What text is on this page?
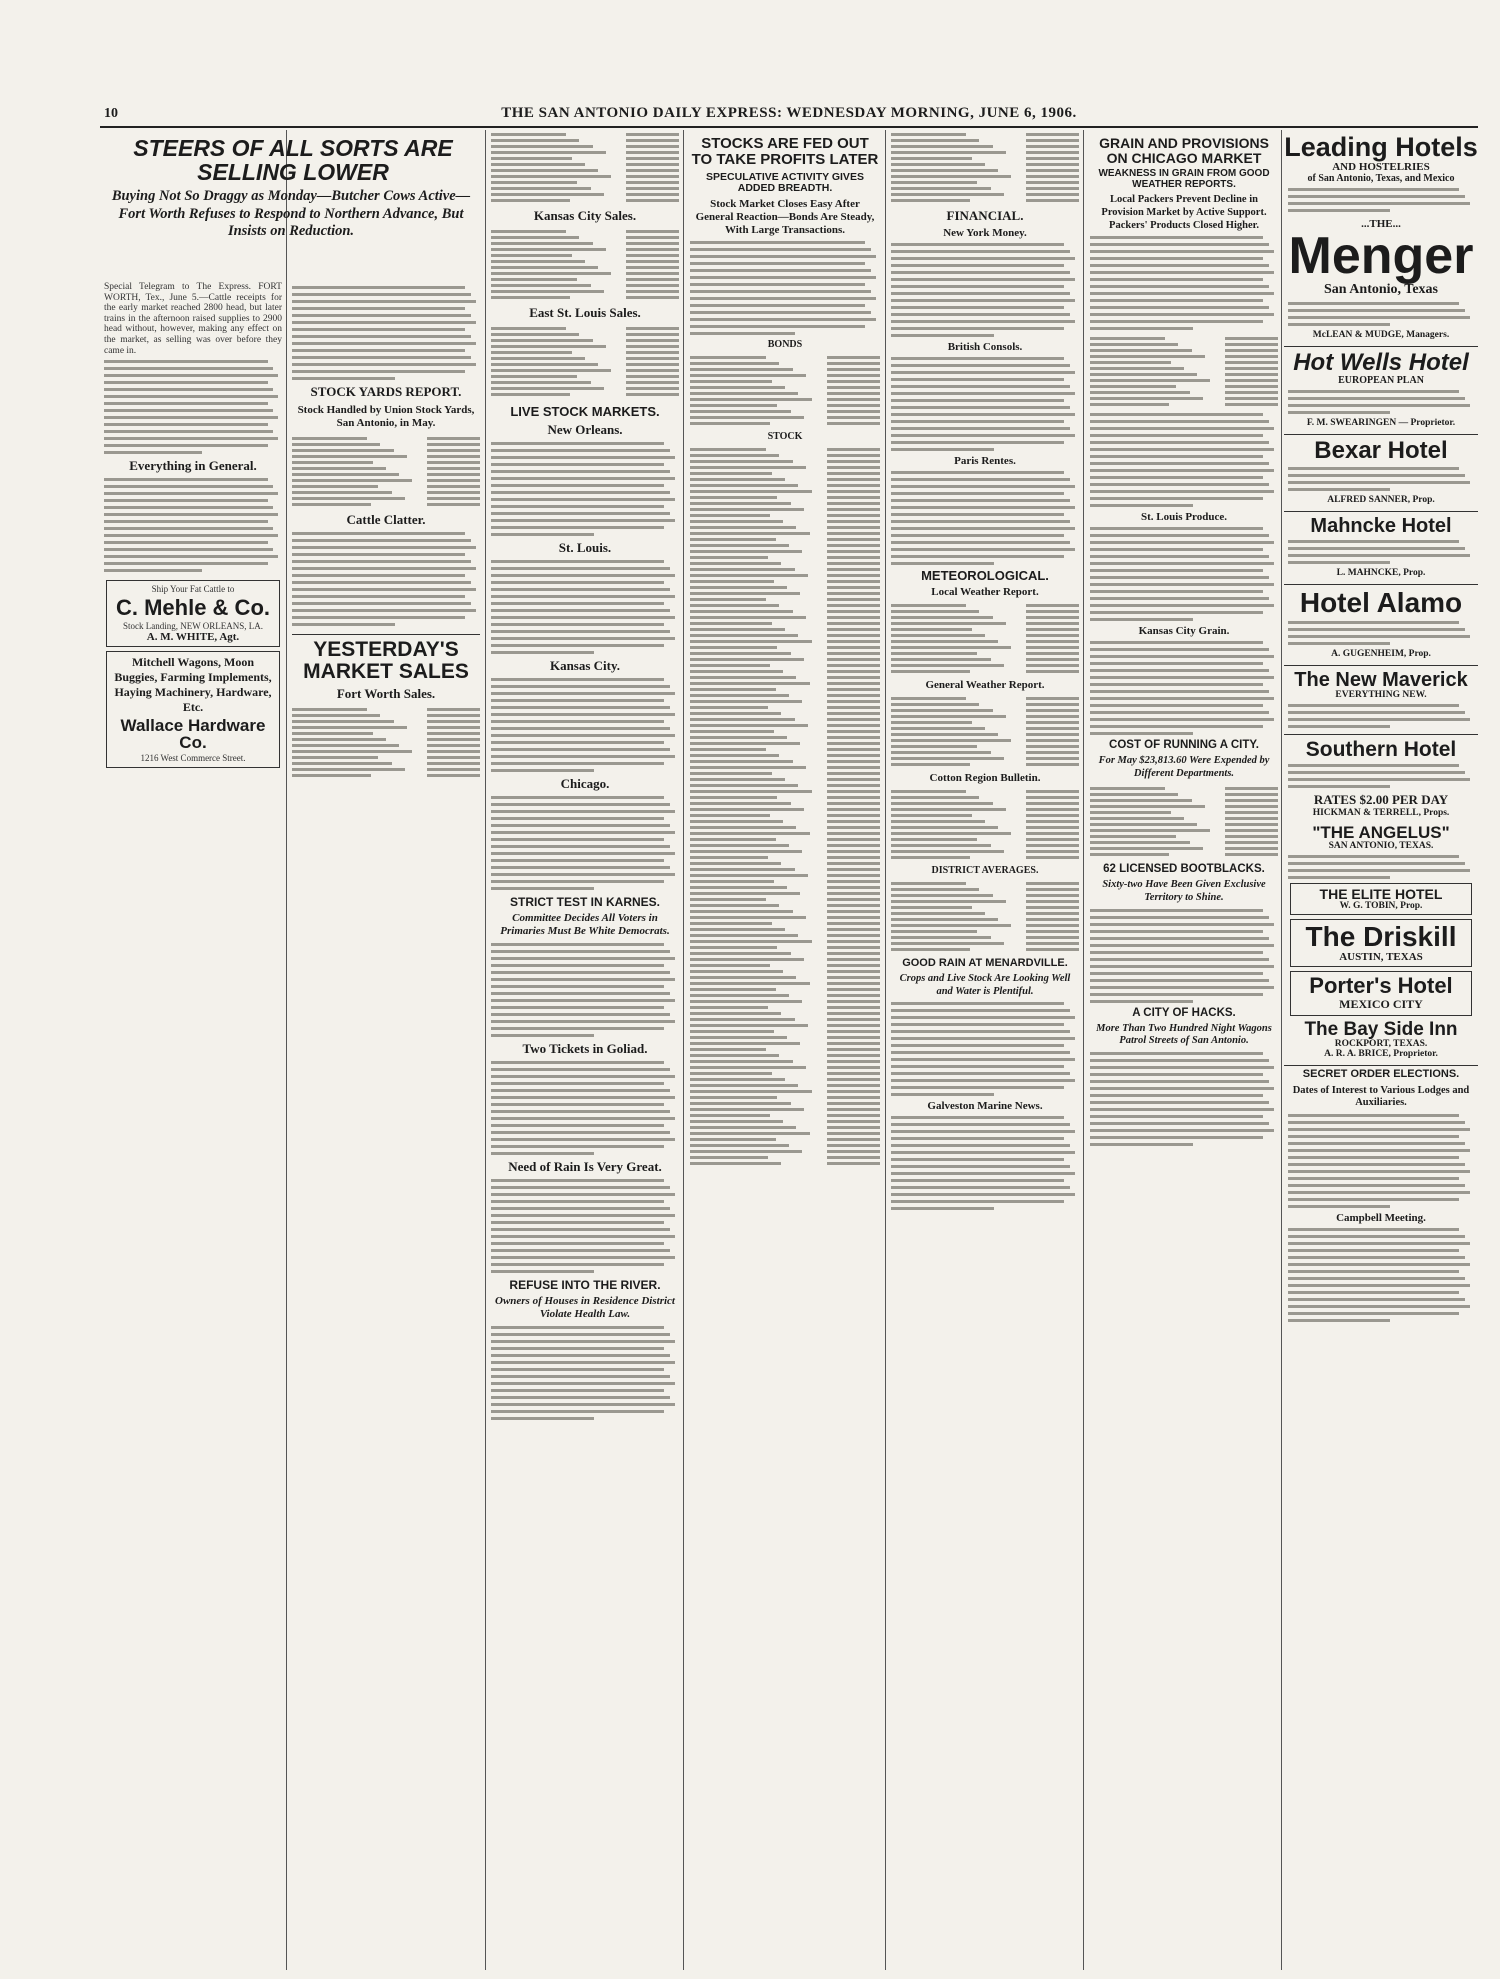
10	THE SAN ANTONIO DAILY EXPRESS: WEDNESDAY MORNING, JUNE 6, 1906.
STEERS OF ALL SORTS ARE SELLING LOWER
Buying Not So Draggy as Monday—Butcher Cows Active—Fort Worth Refuses to Respond to Northern Advance, But Insists on Reduction.
Special Telegram to The Express. FORT WORTH, Tex., June 5.—Cattle receipts for the early market reached 2800 head, but later trains in the afternoon raised supplies to 2900 head without, however, making any effect on the market, as selling was over before they came in.
Everything in General.
Ship Your Fat Cattle to
C. Mehle & Co.
Stock Landing, NEW ORLEANS, LA.
A. M. WHITE, Agt.
Mitchell Wagons, Moon Buggies, Farming Implements, Haying Machinery, Hardware, Etc.
Wallace Hardware Co.
1216 West Commerce Street.
STOCK YARDS REPORT.
Stock Handled by Union Stock Yards, San Antonio, in May.
Cattle Clatter.
YESTERDAY'S MARKET SALES
Fort Worth Sales.
Kansas City Sales.
East St. Louis Sales.
LIVE STOCK MARKETS.
New Orleans.
St. Louis.
Kansas City.
Chicago.
STRICT TEST IN KARNES.
Committee Decides All Voters in Primaries Must Be White Democrats.
Two Tickets in Goliad.
Need of Rain Is Very Great.
REFUSE INTO THE RIVER.
Owners of Houses in Residence District Violate Health Law.
STOCKS ARE FED OUT TO TAKE PROFITS LATER
SPECULATIVE ACTIVITY GIVES ADDED BREADTH.
Stock Market Closes Easy After General Reaction—Bonds Are Steady, With Large Transactions.
BONDS
STOCK
FINANCIAL.
New York Money.
British Consols.
Paris Rentes.
METEOROLOGICAL.
Local Weather Report.
General Weather Report.
Cotton Region Bulletin.
DISTRICT AVERAGES.
GOOD RAIN AT MENARDVILLE.
Crops and Live Stock Are Looking Well and Water is Plentiful.
Galveston Marine News.
GRAIN AND PROVISIONS ON CHICAGO MARKET
WEAKNESS IN GRAIN FROM GOOD WEATHER REPORTS.
Local Packers Prevent Decline in Provision Market by Active Support. Packers' Products Closed Higher.
St. Louis Produce.
Kansas City Grain.
COST OF RUNNING A CITY.
For May $23,813.60 Were Expended by Different Departments.
62 LICENSED BOOTBLACKS.
Sixty-two Have Been Given Exclusive Territory to Shine.
A CITY OF HACKS.
More Than Two Hundred Night Wagons Patrol Streets of San Antonio.
Leading Hotels
AND HOSTELRIES
of San Antonio, Texas, and Mexico
...THE...
Menger
San Antonio, Texas
McLEAN & MUDGE, Managers.
Hot Wells Hotel
EUROPEAN PLAN
F. M. SWEARINGEN — Proprietor.
Bexar Hotel
ALFRED SANNER, Prop.
Mahncke Hotel
L. MAHNCKE, Prop.
Hotel Alamo
A. GUGENHEIM, Prop.
The New Maverick
EVERYTHING NEW.
Southern Hotel
RATES $2.00 PER DAY
HICKMAN & TERRELL, Props.
"THE ANGELUS"
SAN ANTONIO, TEXAS.
THE ELITE HOTEL
W. G. TOBIN, Prop.
The Driskill
AUSTIN, TEXAS
Porter's Hotel
MEXICO CITY
The Bay Side Inn
ROCKPORT, TEXAS.
A. R. A. BRICE, Proprietor.
SECRET ORDER ELECTIONS.
Dates of Interest to Various Lodges and Auxiliaries.
Campbell Meeting.
